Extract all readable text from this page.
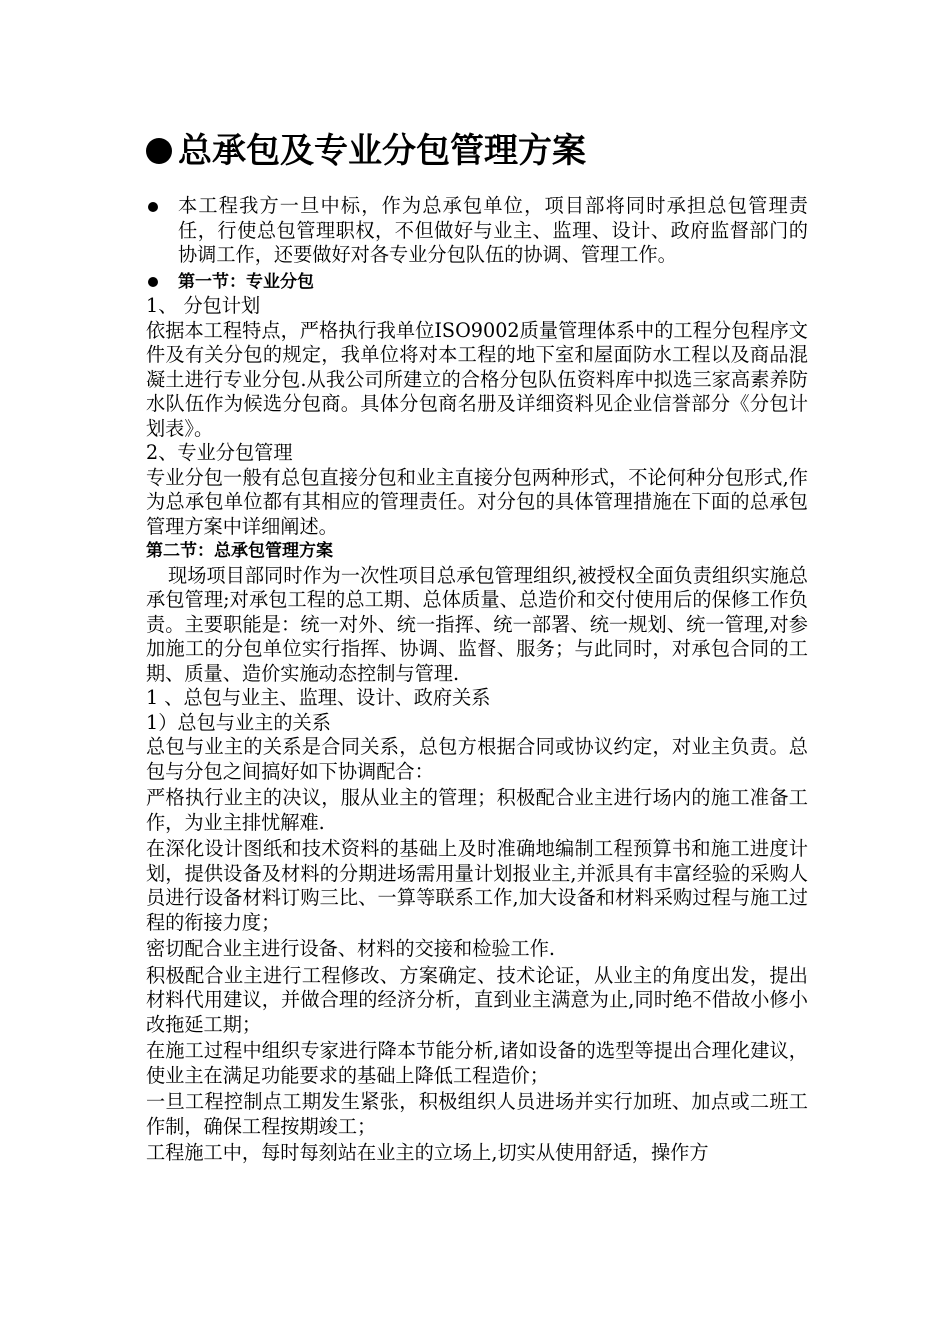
总承包及专业分包管理方案
本工程我方一旦中标，作为总承包单位，项目部将同时承担总包管理责任，行使总包管理职权，不但做好与业主、监理、设计、政府监督部门的协调工作，还要做好对各专业分包队伍的协调、管理工作。
第一节：专业分包

1、 分包计划

依据本工程特点，严格执行我单位ISO9002质量管理体系中的工程分包程序文件及有关分包的规定，我单位将对本工程的地下室和屋面防水工程以及商品混凝土进行专业分包.从我公司所建立的合格分包队伍资料库中拟选三家高素养防水队伍作为候选分包商。具体分包商名册及详细资料见企业信誉部分《分包计划表》。

2、专业分包管理

专业分包一般有总包直接分包和业主直接分包两种形式，不论何种分包形式,作为总承包单位都有其相应的管理责任。对分包的具体管理措施在下面的总承包管理方案中详细阐述。

第二节：总承包管理方案

现场项目部同时作为一次性项目总承包管理组织,被授权全面负责组织实施总承包管理;对承包工程的总工期、总体质量、总造价和交付使用后的保修工作负责。主要职能是：统一对外、统一指挥、统一部署、统一规划、统一管理,对参加施工的分包单位实行指挥、协调、监督、服务；与此同时，对承包合同的工期、质量、造价实施动态控制与管理.

1 、总包与业主、监理、设计、政府关系

1）总包与业主的关系

总包与业主的关系是合同关系，总包方根据合同或协议约定，对业主负责。总包与分包之间搞好如下协调配合：

严格执行业主的决议，服从业主的管理；积极配合业主进行场内的施工准备工作，为业主排忧解难.

在深化设计图纸和技术资料的基础上及时准确地编制工程预算书和施工进度计划，提供设备及材料的分期进场需用量计划报业主,并派具有丰富经验的采购人员进行设备材料订购三比、一算等联系工作,加大设备和材料采购过程与施工过程的衔接力度；

密切配合业主进行设备、材料的交接和检验工作.

积极配合业主进行工程修改、方案确定、技术论证，从业主的角度出发，提出材料代用建议，并做合理的经济分析，直到业主满意为止,同时绝不借故小修小改拖延工期；

在施工过程中组织专家进行降本节能分析,诸如设备的选型等提出合理化建议，使业主在满足功能要求的基础上降低工程造价；

一旦工程控制点工期发生紧张，积极组织人员进场并实行加班、加点或二班工作制，确保工程按期竣工；

工程施工中，每时每刻站在业主的立场上,切实从使用舒适，操作方
